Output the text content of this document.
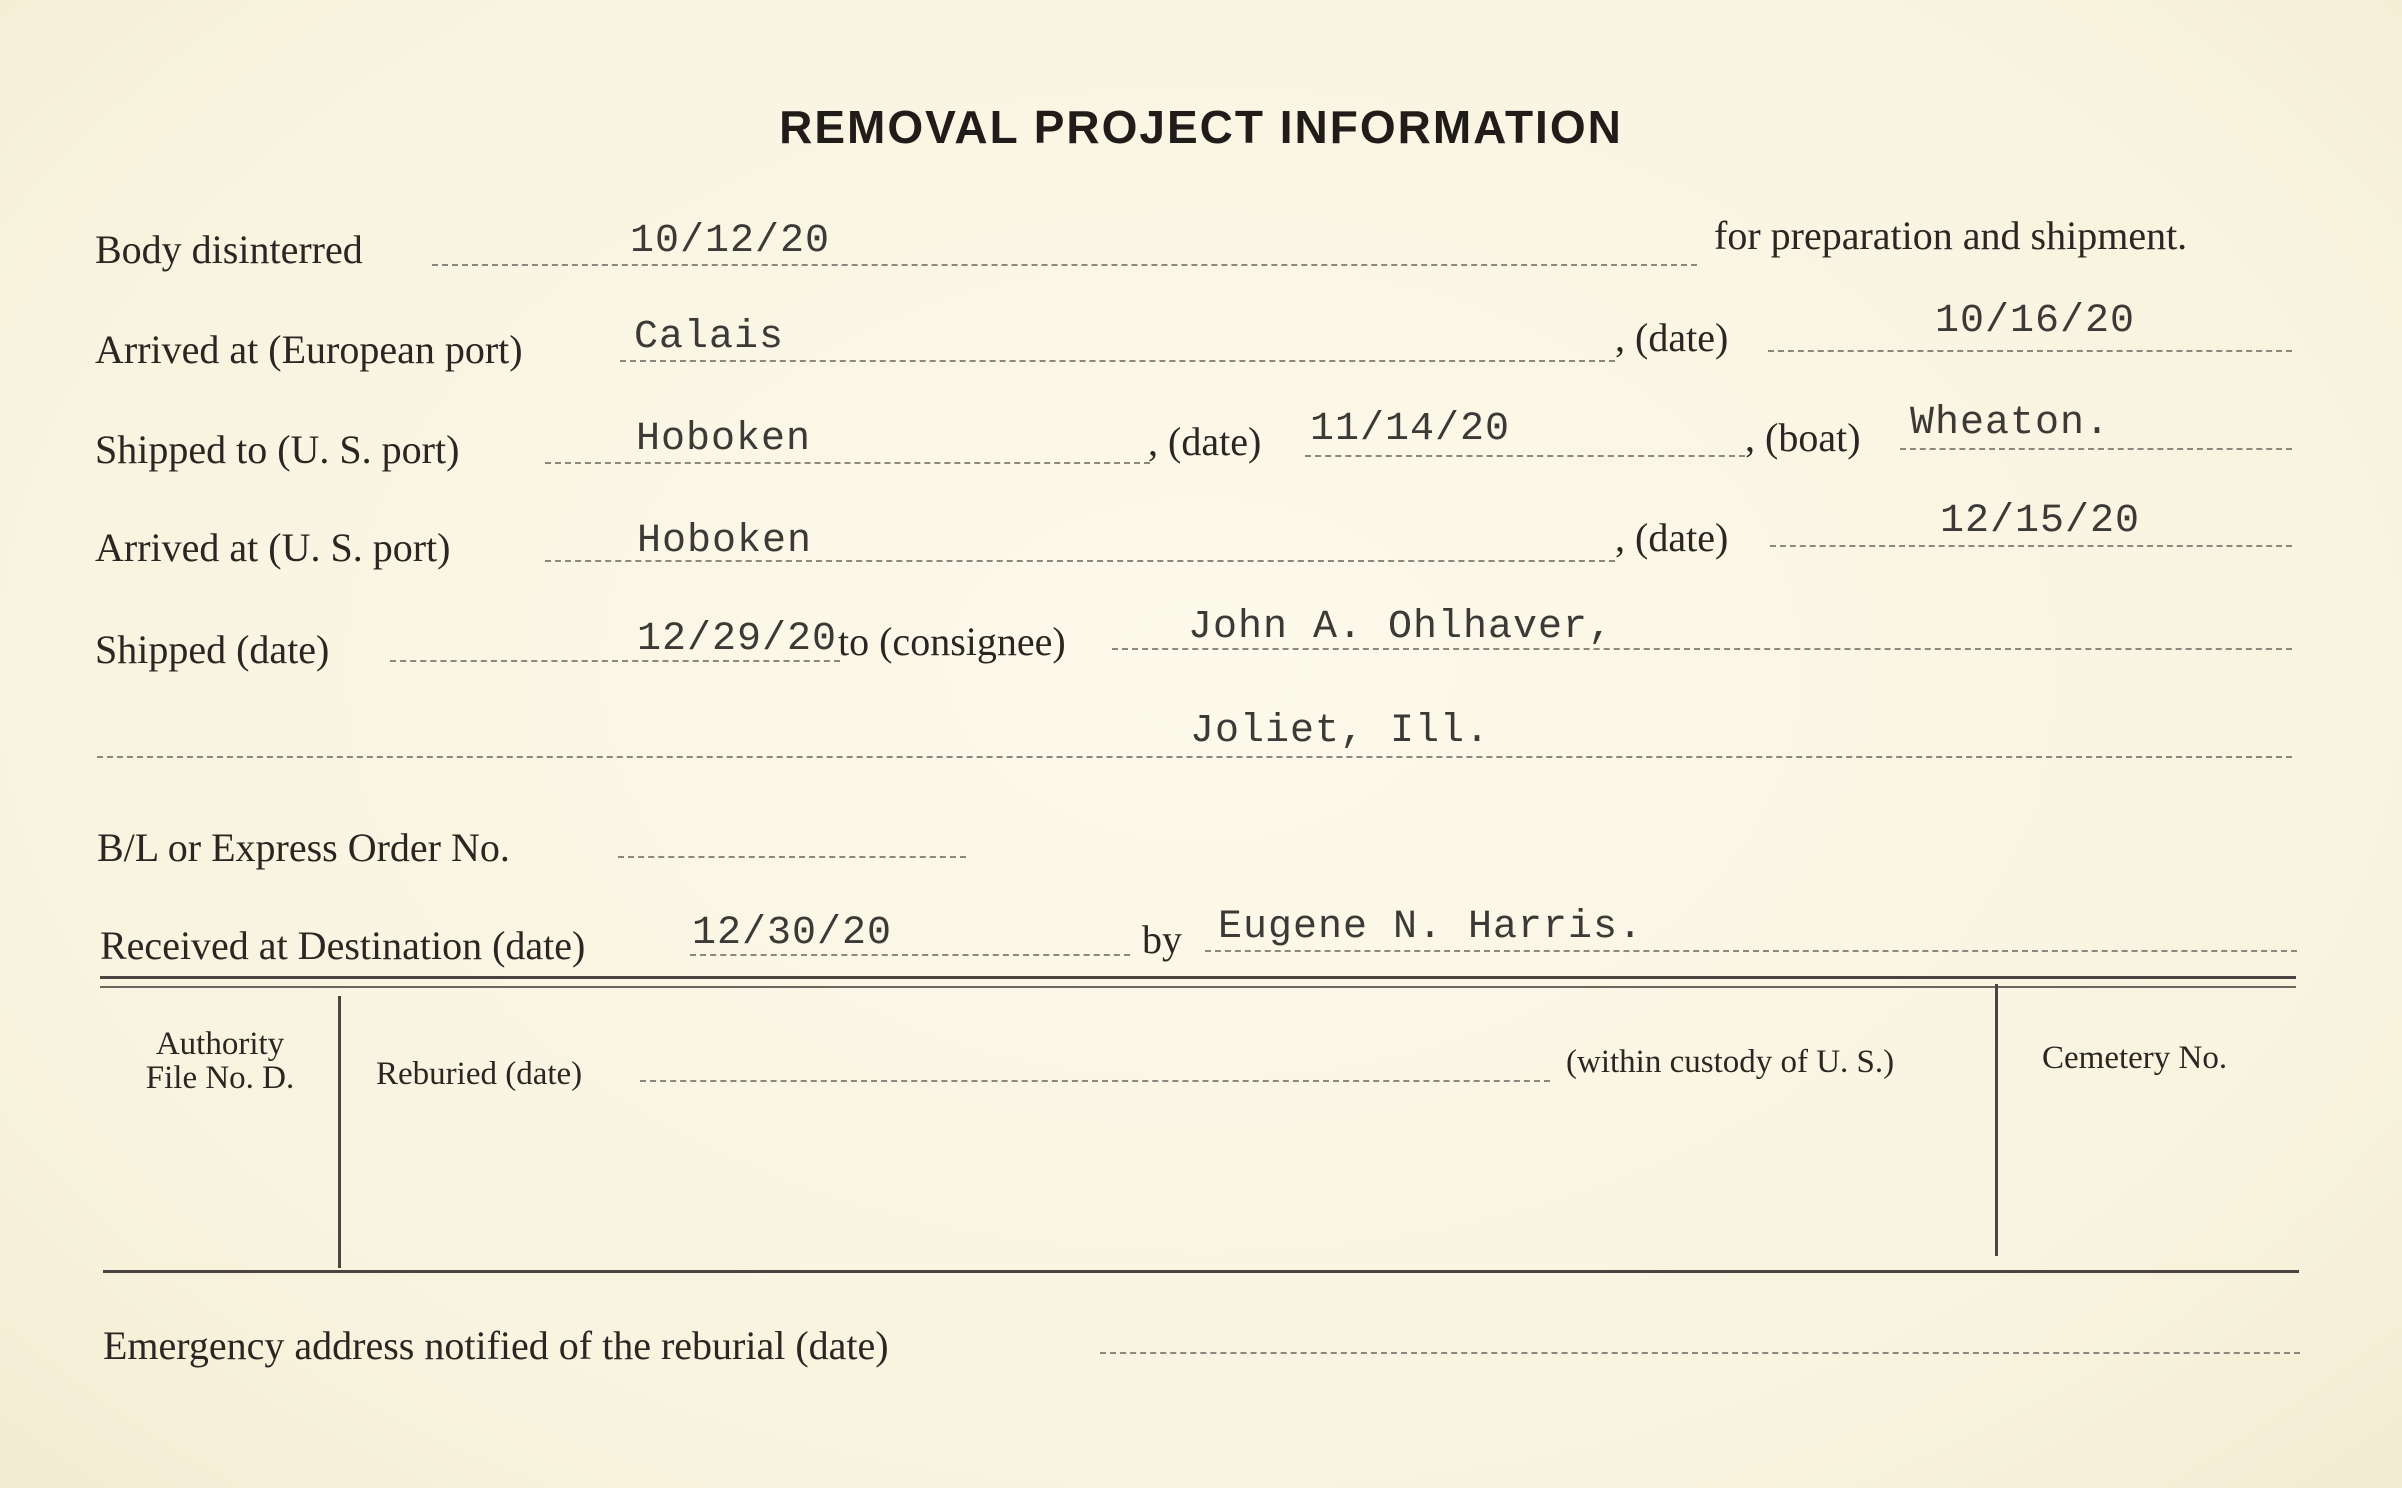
REMOVAL PROJECT INFORMATION
Body disinterred	10/12/20	for preparation and shipment.
Arrived at (European port)	Calais	, (date)	10/16/20
Shipped to (U. S. port)	Hoboken	, (date) 11/14/20	, (boat) Wheaton.
Arrived at (U. S. port)	Hoboken	, (date)	12/15/20
Shipped (date)	12/29/20 to (consignee)	John A. Ohlhaver,
Joliet, Ill.
B/L or Express Order No.
Received at Destination (date)	12/30/20	by Eugene N. Harris.
Authority
File No. D.	Reburied (date)	(within custody of U. S.)	Cemetery No.
Emergency address notified of the reburial (date)
